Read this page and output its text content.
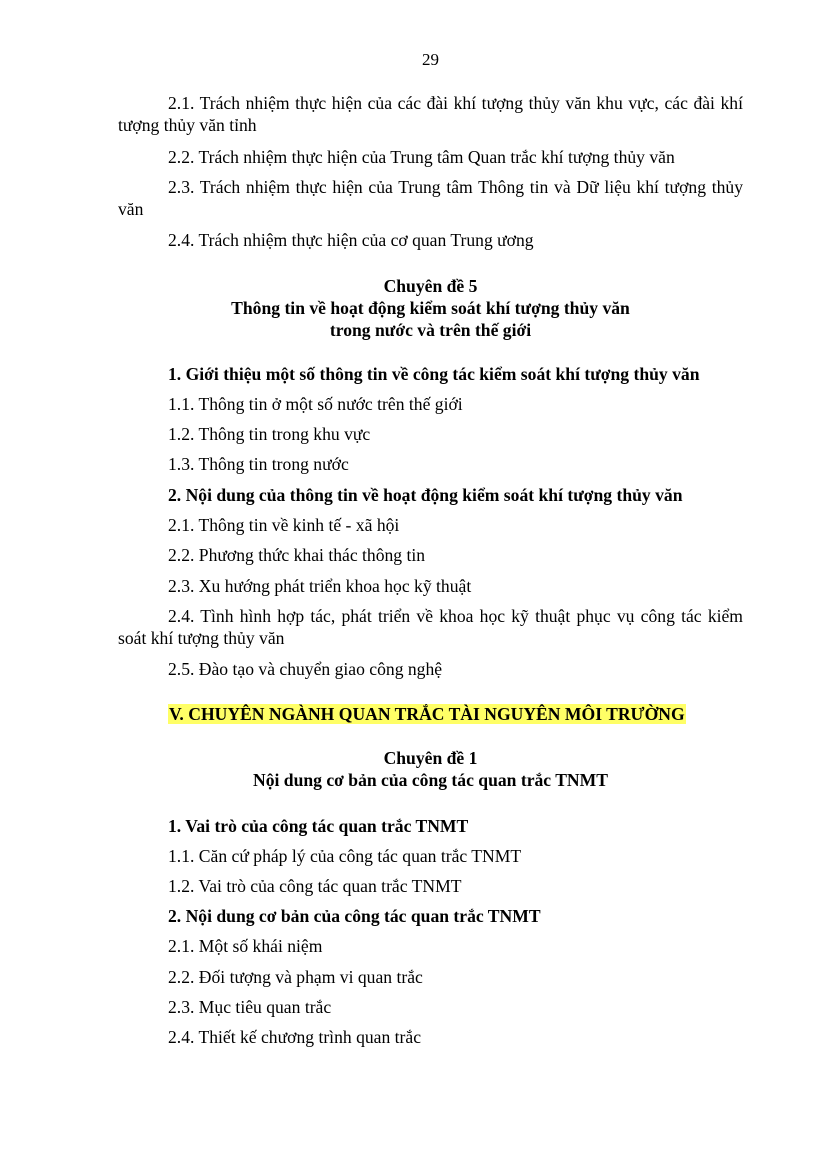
29
2.1. Trách nhiệm thực hiện của các đài khí tượng thủy văn khu vực, các đài khí tượng thủy văn tỉnh
2.2. Trách nhiệm thực hiện của Trung tâm Quan trắc khí tượng thủy văn
2.3. Trách nhiệm thực hiện của Trung tâm Thông tin và Dữ liệu khí tượng thủy văn
2.4. Trách nhiệm thực hiện của cơ quan Trung ương
Chuyên đề 5
Thông tin về hoạt động kiểm soát khí tượng thủy văn
trong nước và trên thế giới
1. Giới thiệu một số thông tin về công tác kiểm soát khí tượng thủy văn
1.1. Thông tin ở một số nước trên thế giới
1.2. Thông tin trong khu vực
1.3. Thông tin trong nước
2. Nội dung của thông tin về hoạt động kiểm soát khí tượng thủy văn
2.1. Thông tin về kinh tế - xã hội
2.2. Phương thức khai thác thông tin
2.3. Xu hướng phát triển khoa học kỹ thuật
2.4. Tình hình hợp tác, phát triển về khoa học kỹ thuật phục vụ công tác kiểm soát khí tượng thủy văn
2.5. Đào tạo và chuyển giao công nghệ
V. CHUYÊN NGÀNH QUAN TRẮC TÀI NGUYÊN MÔI TRƯỜNG
Chuyên đề 1
Nội dung cơ bản của công tác quan trắc TNMT
1. Vai trò của công tác quan trắc TNMT
1.1. Căn cứ pháp lý của công tác quan trắc TNMT
1.2. Vai trò của công tác quan trắc TNMT
2. Nội dung cơ bản của công tác quan trắc TNMT
2.1. Một số khái niệm
2.2. Đối tượng và phạm vi quan trắc
2.3. Mục tiêu quan trắc
2.4. Thiết kế chương trình quan trắc
